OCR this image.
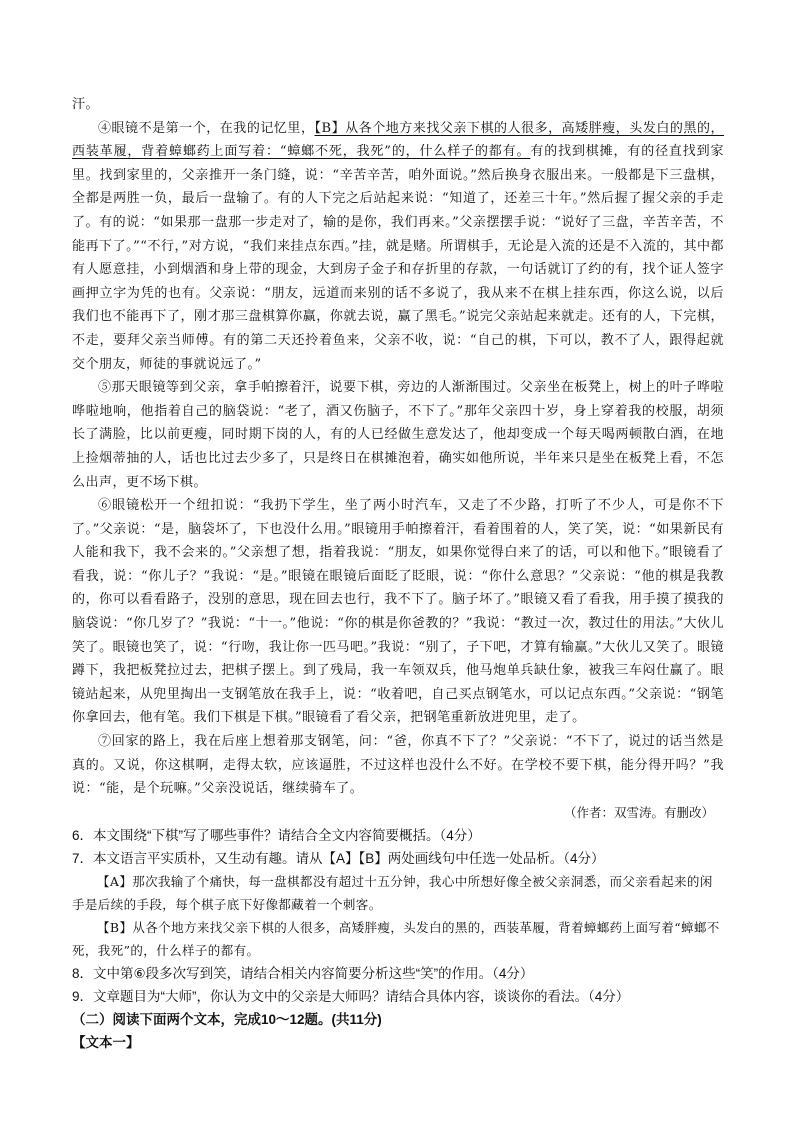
汗。

④眼镜不是第一个，在我的记忆里，【B】从各个地方来找父亲下棋的人很多，高矮胖瘦，头发白的黑的，西装革履，背着蟑螂药上面写着：“蟑螂不死，我死”的，什么样子的都有。有的找到棋摊，有的径直找到家里。找到家里的，父亲推开一条门缝，说：“辛苦辛苦，咱外面说。”然后换身衣服出来。一般都是下三盘棋，全都是两胜一负，最后一盘输了。有的人下完之后站起来说：“知道了，还差三十年。”然后握了握父亲的手走了。有的说：“如果那一盘那一步走对了，输的是你，我们再来。”父亲摆摆手说：“说好了三盘，辛苦辛苦，不能再下了。”“不行，”对方说，“我们来挂点东西。”挂，就是赌。所谓棋手，无论是入流的还是不入流的，其中都有人愿意挂，小到烟酒和身上带的现金，大到房子金子和存折里的存款，一句话就订了约的有，找个证人签字画押立字为凭的也有。父亲说：“朋友，远道而来别的话不多说了，我从来不在棋上挂东西，你这么说，以后我们也不能再下了，刚才那三盘棋算你赢，你就去说，赢了黑毛。”说完父亲站起来就走。还有的人，下完棋，不走，要拜父亲当师傅。有的第二天还拎着鱼来，父亲不收，说：“自己的棋，下可以，教不了人，跟得起就交个朋友，师徒的事就说远了。”

⑤那天眼镜等到父亲，拿手帕擦着汗，说要下棋，旁边的人渐渐围过。父亲坐在板凳上，树上的叶子哗啦哗啦地响，他指着自己的脑袋说：“老了，酒又伤脑子，不下了。”那年父亲四十岁，身上穿着我的校服，胡须长了满脸，比以前更瘦，同时期下岗的人，有的人已经做生意发达了，他却变成一个每天喝两顿散白酒，在地上捡烟蒂抽的人，话也比过去少多了，只是终日在棋摊泡着，确实如他所说，半年来只是坐在板凳上看，不怎么出声，更不场下棋。

⑥眼镜松开一个纽扣说：“我扔下学生，坐了两小时汽车，又走了不少路，打听了不少人，可是你不下了。”父亲说：“是，脑袋坏了，下也没什么用。”眼镜用手帕擦着汗，看着围着的人，笑了笑，说：“如果新民有人能和我下，我不会来的。”父亲想了想，指着我说：“朋友，如果你觉得白来了的话，可以和他下。”眼镜看了看我，说：“你儿子？”我说：“是。”眼镜在眼镜后面眨了眨眼，说：“你什么意思？”父亲说：“他的棋是我教的，你可以看看路子，没别的意思，现在回去也行，我不下了。脑子坏了。”眼镜又看了看我，用手摸了摸我的脑袋说：“你几岁了？”我说：“十一。”他说：“你的棋是你爸教的？”我说：“教过一次，教过仕的用法。”大伙儿笑了。眼镜也笑了，说：“行吻，我让你一匹马吧。”我说：“别了，子下吧，才算有输赢。”大伙儿又笑了。眼镜蹲下，我把板凳拉过去，把棋子摆上。到了残局，我一车领双兵，他马炮单兵缺仕象，被我三车闷仕赢了。眼镜站起来，从兜里掏出一支钢笔放在我手上，说：“收着吧，自己买点钢笔水，可以记点东西。”父亲说：“钢笔你拿回去，他有笔。我们下棋是下棋。”眼镜看了看父亲，把钢笔重新放进兜里，走了。

⑦回家的路上，我在后座上想着那支钢笔，问：“爸，你真不下了？”父亲说：“不下了，说过的话当然是真的。又说，你这棋啊，走得太软，应该逼胜，不过这样也没什么不好。在学校不要下棋，能分得开吗？”我说：“能，是个玩嘛。”父亲没说话，继续骑车了。

（作者：双雪涛。有删改）

6．本文围绕“下棋”写了哪些事件？请结合全文内容简要概括。（4分）

7．本文语言平实质朴，又生动有趣。请从【A】【B】两处画线句中任选一处品析。（4分）

【A】那次我输了个痛快，每一盘棋都没有超过十五分钟，我心中所想好像全被父亲洞悉，而父亲看起来的闲手是后续的手段，每个棋子底下好像都藏着一个刺客。

【B】从各个地方来找父亲下棋的人很多，高矮胖瘦，头发白的黑的，西装革履，背着蟑螂药上面写着“蟑螂不死，我死”的，什么样子的都有。

8．文中第⑥段多次写到笑，请结合相关内容简要分析这些“笑”的作用。（4分）

9．文章题目为“大师”，你认为文中的父亲是大师吗？请结合具体内容，谈谈你的看法。（4分）

（二）阅读下面两个文本，完成10～12题。(共11分)

【文本一】
